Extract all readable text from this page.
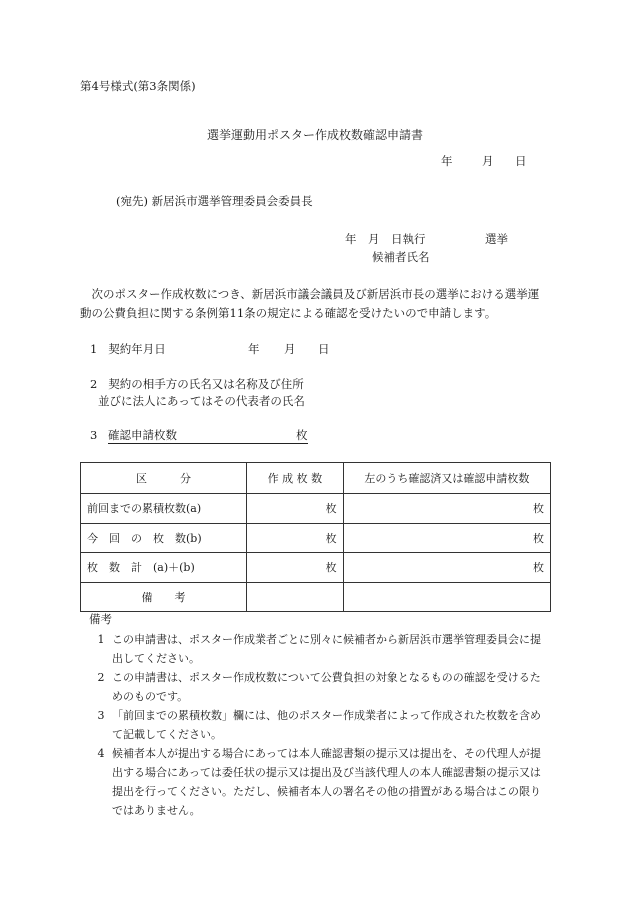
第4号様式(第3条関係)
選挙運動用ポスター作成枚数確認申請書
年	月 日
(宛先) 新居浜市選挙管理委員会委員長
年　月　日執行	選挙
候補者氏名
次のポスター作成枚数につき、新居浜市議会議員及び新居浜市長の選挙における選挙運動の公費負担に関する条例第11条の規定による確認を受けたいので申請します。
1 契約年月日	年 月 日
2 契約の相手方の氏名又は名称及び住所
並びに法人にあってはその代表者の氏名
3 確認申請枚数	枚
区　　　分	作 成 枚 数	左のうち確認済又は確認申請枚数
前回までの累積枚数(a)	枚	枚
今　回　の　枚　数(b)	枚	枚
枚　数　計　(a)＋(b)	枚	枚
備　　考		
備考
1 この申請書は、ポスター作成業者ごとに別々に候補者から新居浜市選挙管理委員会に提出してください。
2 この申請書は、ポスター作成枚数について公費負担の対象となるものの確認を受けるためのものです。
3 「前回までの累積枚数」欄には、他のポスター作成業者によって作成された枚数を含めて記載してください。
4 候補者本人が提出する場合にあっては本人確認書類の提示又は提出を、その代理人が提出する場合にあっては委任状の提示又は提出及び当該代理人の本人確認書類の提示又は提出を行ってください。ただし、候補者本人の署名その他の措置がある場合はこの限りではありません。
